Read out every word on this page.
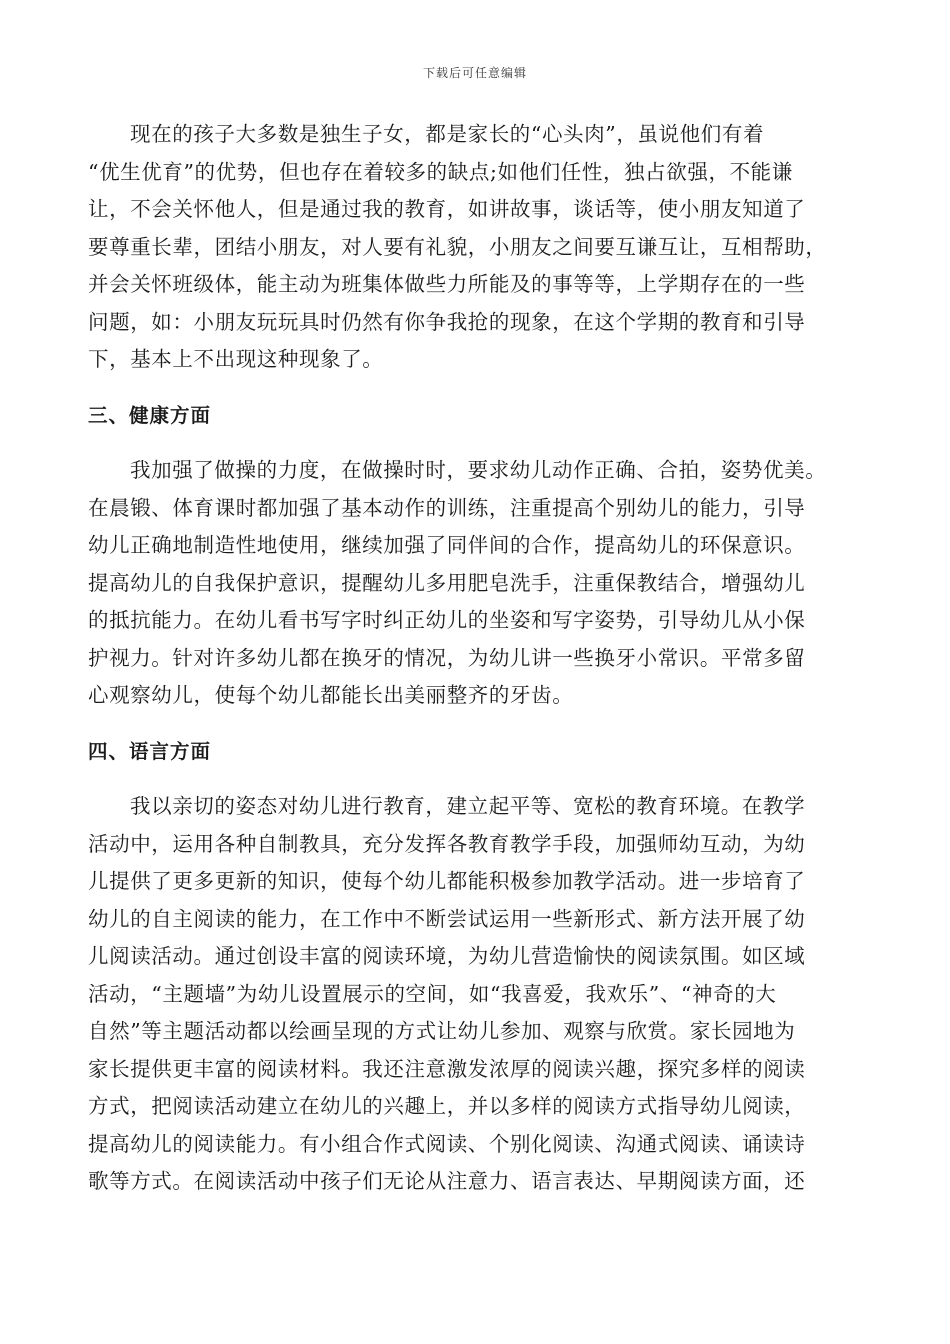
下载后可任意编辑
现在的孩子大多数是独生子女，都是家长的“心头肉”，虽说他们有着
“优生优育”的优势，但也存在着较多的缺点;如他们任性，独占欲强，不能谦
让，不会关怀他人，但是通过我的教育，如讲故事，谈话等，使小朋友知道了
要尊重长辈，团结小朋友，对人要有礼貌，小朋友之间要互谦互让，互相帮助，
并会关怀班级体，能主动为班集体做些力所能及的事等等，上学期存在的一些
问题，如：小朋友玩玩具时仍然有你争我抢的现象，在这个学期的教育和引导
下，基本上不出现这种现象了。
三、健康方面
我加强了做操的力度，在做操时时，要求幼儿动作正确、合拍，姿势优美。
在晨锻、体育课时都加强了基本动作的训练，注重提高个别幼儿的能力，引导
幼儿正确地制造性地使用，继续加强了同伴间的合作，提高幼儿的环保意识。
提高幼儿的自我保护意识，提醒幼儿多用肥皂洗手，注重保教结合，增强幼儿
的抵抗能力。在幼儿看书写字时纠正幼儿的坐姿和写字姿势，引导幼儿从小保
护视力。针对许多幼儿都在换牙的情况，为幼儿讲一些换牙小常识。平常多留
心观察幼儿，使每个幼儿都能长出美丽整齐的牙齿。
四、语言方面
我以亲切的姿态对幼儿进行教育，建立起平等、宽松的教育环境。在教学
活动中，运用各种自制教具，充分发挥各教育教学手段，加强师幼互动，为幼
儿提供了更多更新的知识，使每个幼儿都能积极参加教学活动。进一步培育了
幼儿的自主阅读的能力，在工作中不断尝试运用一些新形式、新方法开展了幼
儿阅读活动。通过创设丰富的阅读环境，为幼儿营造愉快的阅读氛围。如区域
活动，“主题墙”为幼儿设置展示的空间，如“我喜爱，我欢乐”、“神奇的大
自然”等主题活动都以绘画呈现的方式让幼儿参加、观察与欣赏。家长园地为
家长提供更丰富的阅读材料。我还注意激发浓厚的阅读兴趣，探究多样的阅读
方式，把阅读活动建立在幼儿的兴趣上，并以多样的阅读方式指导幼儿阅读，
提高幼儿的阅读能力。有小组合作式阅读、个别化阅读、沟通式阅读、诵读诗
歌等方式。在阅读活动中孩子们无论从注意力、语言表达、早期阅读方面，还
